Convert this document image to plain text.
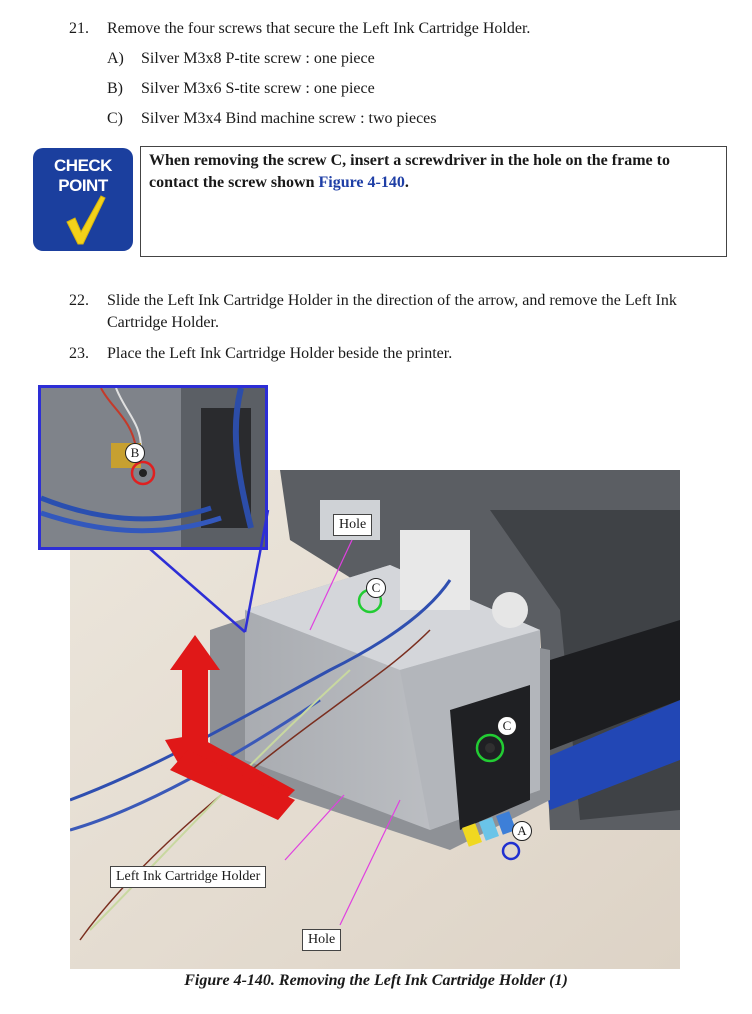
21. Remove the four screws that secure the Left Ink Cartridge Holder.
A) Silver M3x8 P-tite screw : one piece
B) Silver M3x6 S-tite screw : one piece
C) Silver M3x4 Bind machine screw : two pieces
CHECK
POINT
When removing the screw C, insert a screwdriver in the hole on the frame to contact the screw shown Figure 4-140.
22. Slide the Left Ink Cartridge Holder in the direction of the arrow, and remove the Left Ink Cartridge Holder.
23. Place the Left Ink Cartridge Holder beside the printer.
B
C
C
A
Hole
Left Ink Cartridge Holder
Hole
Figure 4-140. Removing the Left Ink Cartridge Holder (1)
